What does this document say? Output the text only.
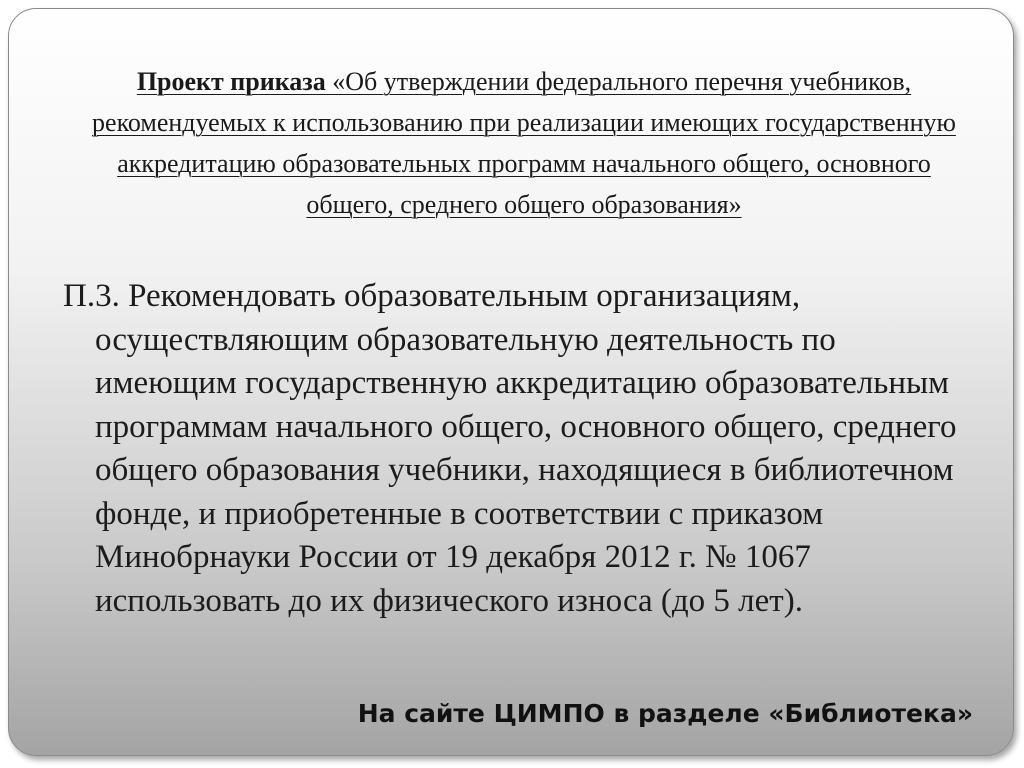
Проект приказа «Об утверждении федерального перечня учебников, рекомендуемых к использованию при реализации имеющих государственную аккредитацию образовательных программ начального общего, основного общего, среднего общего образования»
П.3. Рекомендовать образовательным организациям, осуществляющим образовательную деятельность по имеющим государственную аккредитацию образовательным программам начального общего, основного общего, среднего общего образования учебники, находящиеся в библиотечном фонде, и приобретенные в соответствии с приказом Минобрнауки России от 19 декабря 2012 г. № 1067 использовать до их физического износа (до 5 лет).
На сайте ЦИМПО в разделе «Библиотека»
